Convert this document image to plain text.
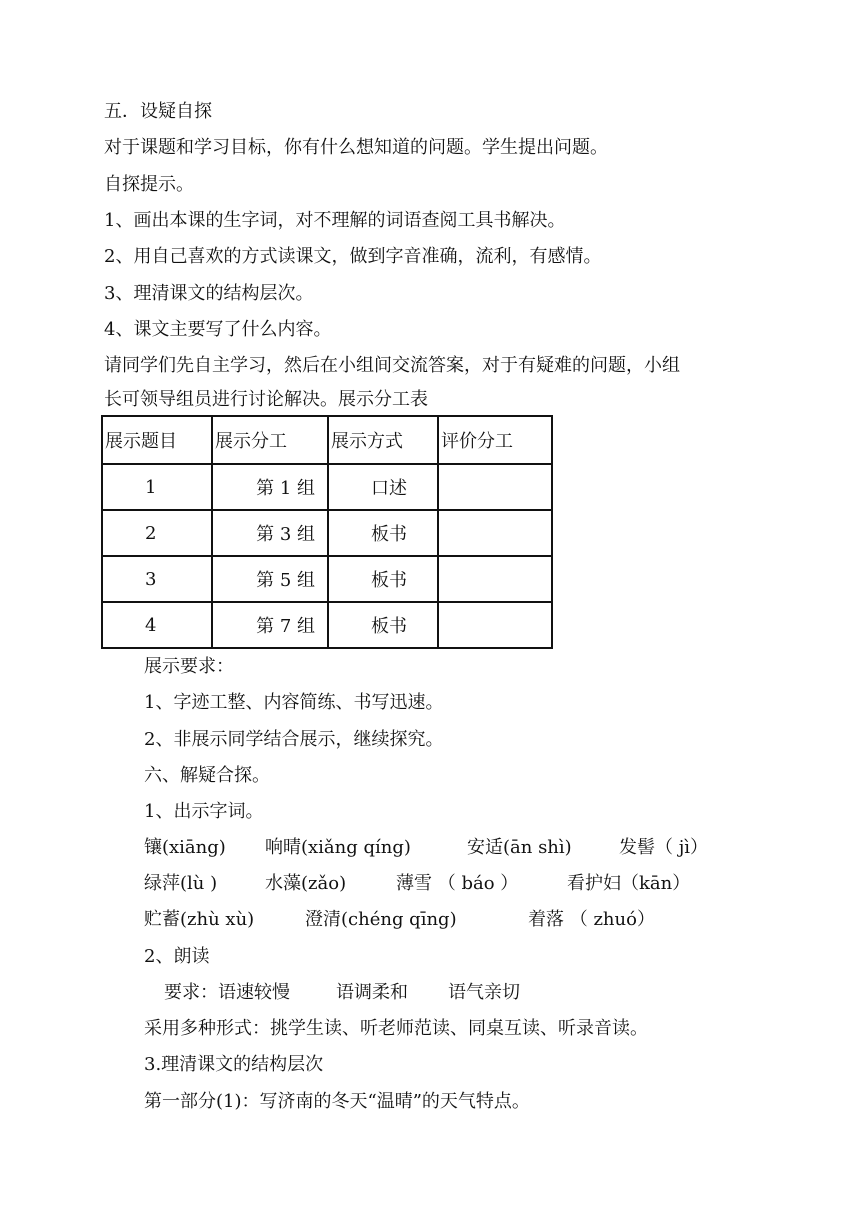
五．设疑自探
对于课题和学习目标，你有什么想知道的问题。学生提出问题。
自探提示。
1、画出本课的生字词，对不理解的词语查阅工具书解决。
2、用自己喜欢的方式读课文，做到字音准确，流利，有感情。
3、理清课文的结构层次。
4、课文主要写了什么内容。
请同学们先自主学习，然后在小组间交流答案，对于有疑难的问题，小组
长可领导组员进行讨论解决。展示分工表
展示题目	展示分工	展示方式	评价分工
1	第 1 组	口述	
2	第 3 组	板书	
3	第 5 组	板书	
4	第 7 组	板书	
展示要求：
1、字迹工整、内容简练、书写迅速。
2、非展示同学结合展示，继续探究。
六、解疑合探。
1、出示字词。
镶(xiāng) 响晴(xiǎng qíng)	安适(ān shì)	发髻（ jì）
绿萍(lù )	水藻(zǎo)	薄雪 （ báo ）	看护妇（kān）
贮蓄(zhù xù)	澄清(chéng qīng)	着落 （ zhuó）
2、朗读
要求：语速较慢	语调柔和 语气亲切
采用多种形式：挑学生读、听老师范读、同桌互读、听录音读。
3.理清课文的结构层次
第一部分(1)：写济南的冬天“温晴”的天气特点。
